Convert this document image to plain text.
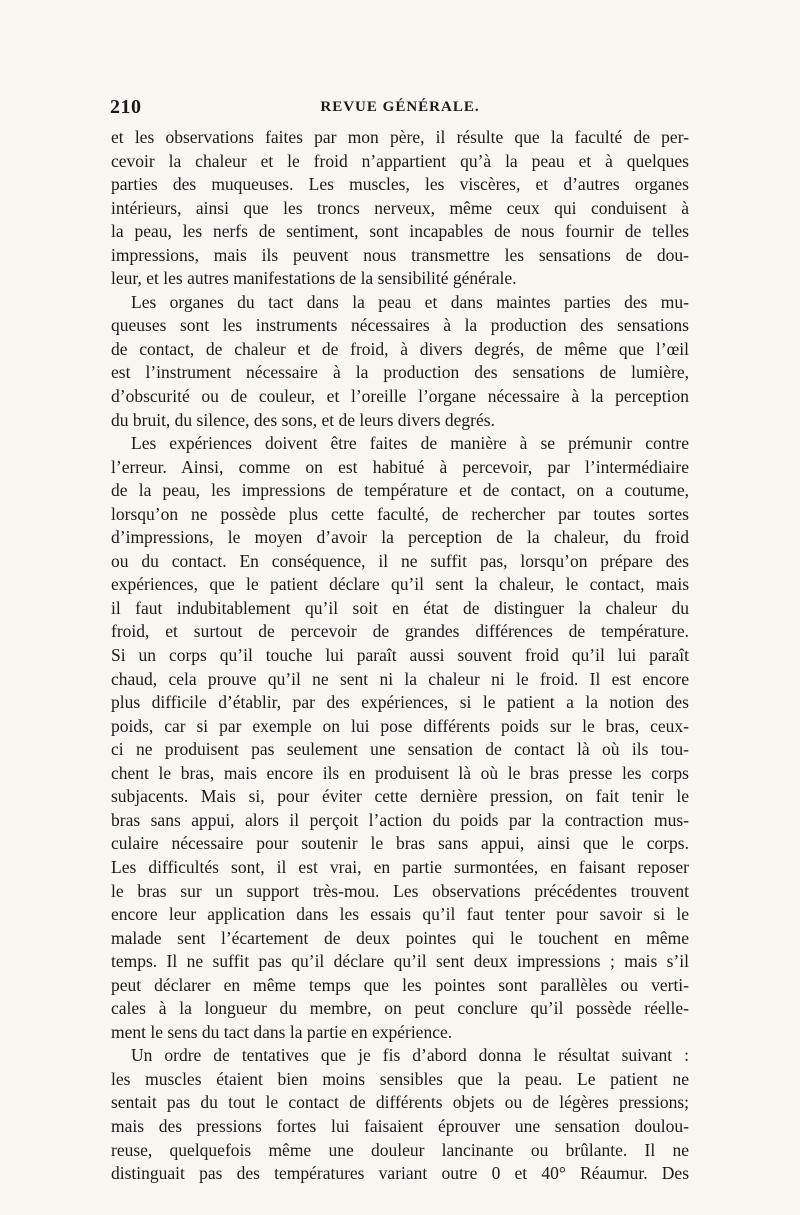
210	REVUE GÉNÉRALE.
et les observations faites par mon père, il résulte que la faculté de per-
cevoir la chaleur et le froid n’appartient qu’à la peau et à quelques
parties des muqueuses. Les muscles, les viscères, et d’autres organes
intérieurs, ainsi que les troncs nerveux, même ceux qui conduisent à
la peau, les nerfs de sentiment, sont incapables de nous fournir de telles
impressions, mais ils peuvent nous transmettre les sensations de dou-
leur, et les autres manifestations de la sensibilité générale.
Les organes du tact dans la peau et dans maintes parties des mu-
queuses sont les instruments nécessaires à la production des sensations
de contact, de chaleur et de froid, à divers degrés, de même que l’œil
est l’instrument nécessaire à la production des sensations de lumière,
d’obscurité ou de couleur, et l’oreille l’organe nécessaire à la perception
du bruit, du silence, des sons, et de leurs divers degrés.
Les expériences doivent être faites de manière à se prémunir contre
l’erreur. Ainsi, comme on est habitué à percevoir, par l’intermédiaire
de la peau, les impressions de température et de contact, on a coutume,
lorsqu’on ne possède plus cette faculté, de rechercher par toutes sortes
d’impressions, le moyen d’avoir la perception de la chaleur, du froid
ou du contact. En conséquence, il ne suffit pas, lorsqu’on prépare des
expériences, que le patient déclare qu’il sent la chaleur, le contact, mais
il faut indubitablement qu’il soit en état de distinguer la chaleur du
froid, et surtout de percevoir de grandes différences de température.
Si un corps qu’il touche lui paraît aussi souvent froid qu’il lui paraît
chaud, cela prouve qu’il ne sent ni la chaleur ni le froid. Il est encore
plus difficile d’établir, par des expériences, si le patient a la notion des
poids, car si par exemple on lui pose différents poids sur le bras, ceux-
ci ne produisent pas seulement une sensation de contact là où ils tou-
chent le bras, mais encore ils en produisent là où le bras presse les corps
subjacents. Mais si, pour éviter cette dernière pression, on fait tenir le
bras sans appui, alors il perçoit l’action du poids par la contraction mus-
culaire nécessaire pour soutenir le bras sans appui, ainsi que le corps.
Les difficultés sont, il est vrai, en partie surmontées, en faisant reposer
le bras sur un support très-mou. Les observations précédentes trouvent
encore leur application dans les essais qu’il faut tenter pour savoir si le
malade sent l’écartement de deux pointes qui le touchent en même
temps. Il ne suffit pas qu’il déclare qu’il sent deux impressions ; mais s’il
peut déclarer en même temps que les pointes sont parallèles ou verti-
cales à la longueur du membre, on peut conclure qu’il possède réelle-
ment le sens du tact dans la partie en expérience.
Un ordre de tentatives que je fis d’abord donna le résultat suivant :
les muscles étaient bien moins sensibles que la peau. Le patient ne
sentait pas du tout le contact de différents objets ou de légères pressions;
mais des pressions fortes lui faisaient éprouver une sensation doulou-
reuse, quelquefois même une douleur lancinante ou brûlante. Il ne
distinguait pas des températures variant outre 0 et 40° Réaumur. Des
